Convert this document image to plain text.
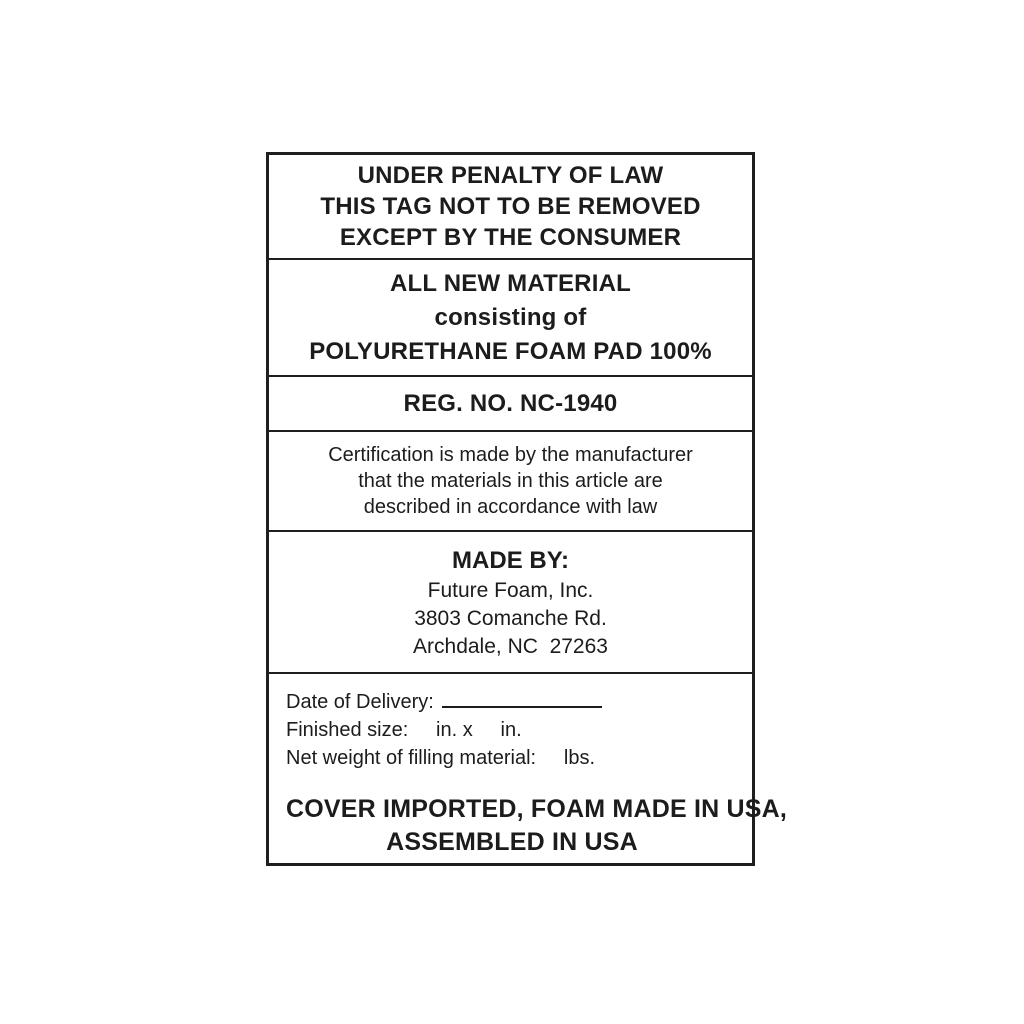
UNDER PENALTY OF LAW
THIS TAG NOT TO BE REMOVED
EXCEPT BY THE CONSUMER
ALL NEW MATERIAL
consisting of
POLYURETHANE FOAM PAD 100%
REG. NO. NC-1940
Certification is made by the manufacturer
that the materials in this article are
described in accordance with law
MADE BY:
Future Foam, Inc.
3803 Comanche Rd.
Archdale, NC  27263
Date of Delivery:
Finished size:     in. x     in.
Net weight of filling material:     lbs.
COVER IMPORTED, FOAM MADE IN USA,
ASSEMBLED IN USA
